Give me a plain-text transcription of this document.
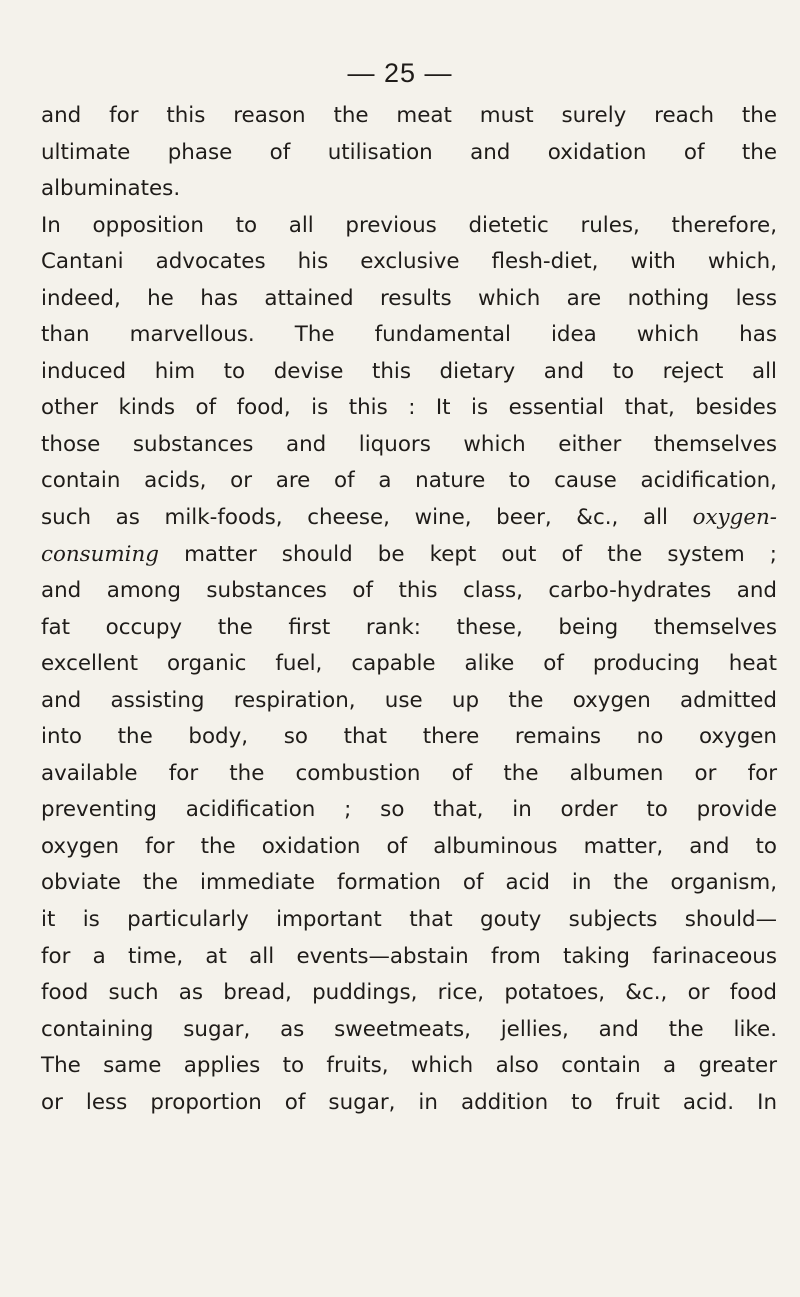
— 25 —
and for this reason the meat must surely reach the
ultimate phase of utilisation and oxidation of the
albuminates.
In opposition to all previous dietetic rules, therefore,
Cantani advocates his exclusive flesh-diet, with which,
indeed, he has attained results which are nothing less
than marvellous. The fundamental idea which has
induced him to devise this dietary and to reject all
other kinds of food, is this : It is essential that, besides
those substances and liquors which either themselves
contain acids, or are of a nature to cause acidification,
such as milk-foods, cheese, wine, beer, &c., all oxygen-
consuming matter should be kept out of the system ;
and among substances of this class, carbo-hydrates and
fat occupy the first rank: these, being themselves
excellent organic fuel, capable alike of producing heat
and assisting respiration, use up the oxygen admitted
into the body, so that there remains no oxygen
available for the combustion of the albumen or for
preventing acidification ; so that, in order to provide
oxygen for the oxidation of albuminous matter, and to
obviate the immediate formation of acid in the organism,
it is particularly important that gouty subjects should—
for a time, at all events—abstain from taking farinaceous
food such as bread, puddings, rice, potatoes, &c., or food
containing sugar, as sweetmeats, jellies, and the like.
The same applies to fruits, which also contain a greater
or less proportion of sugar, in addition to fruit acid. In
